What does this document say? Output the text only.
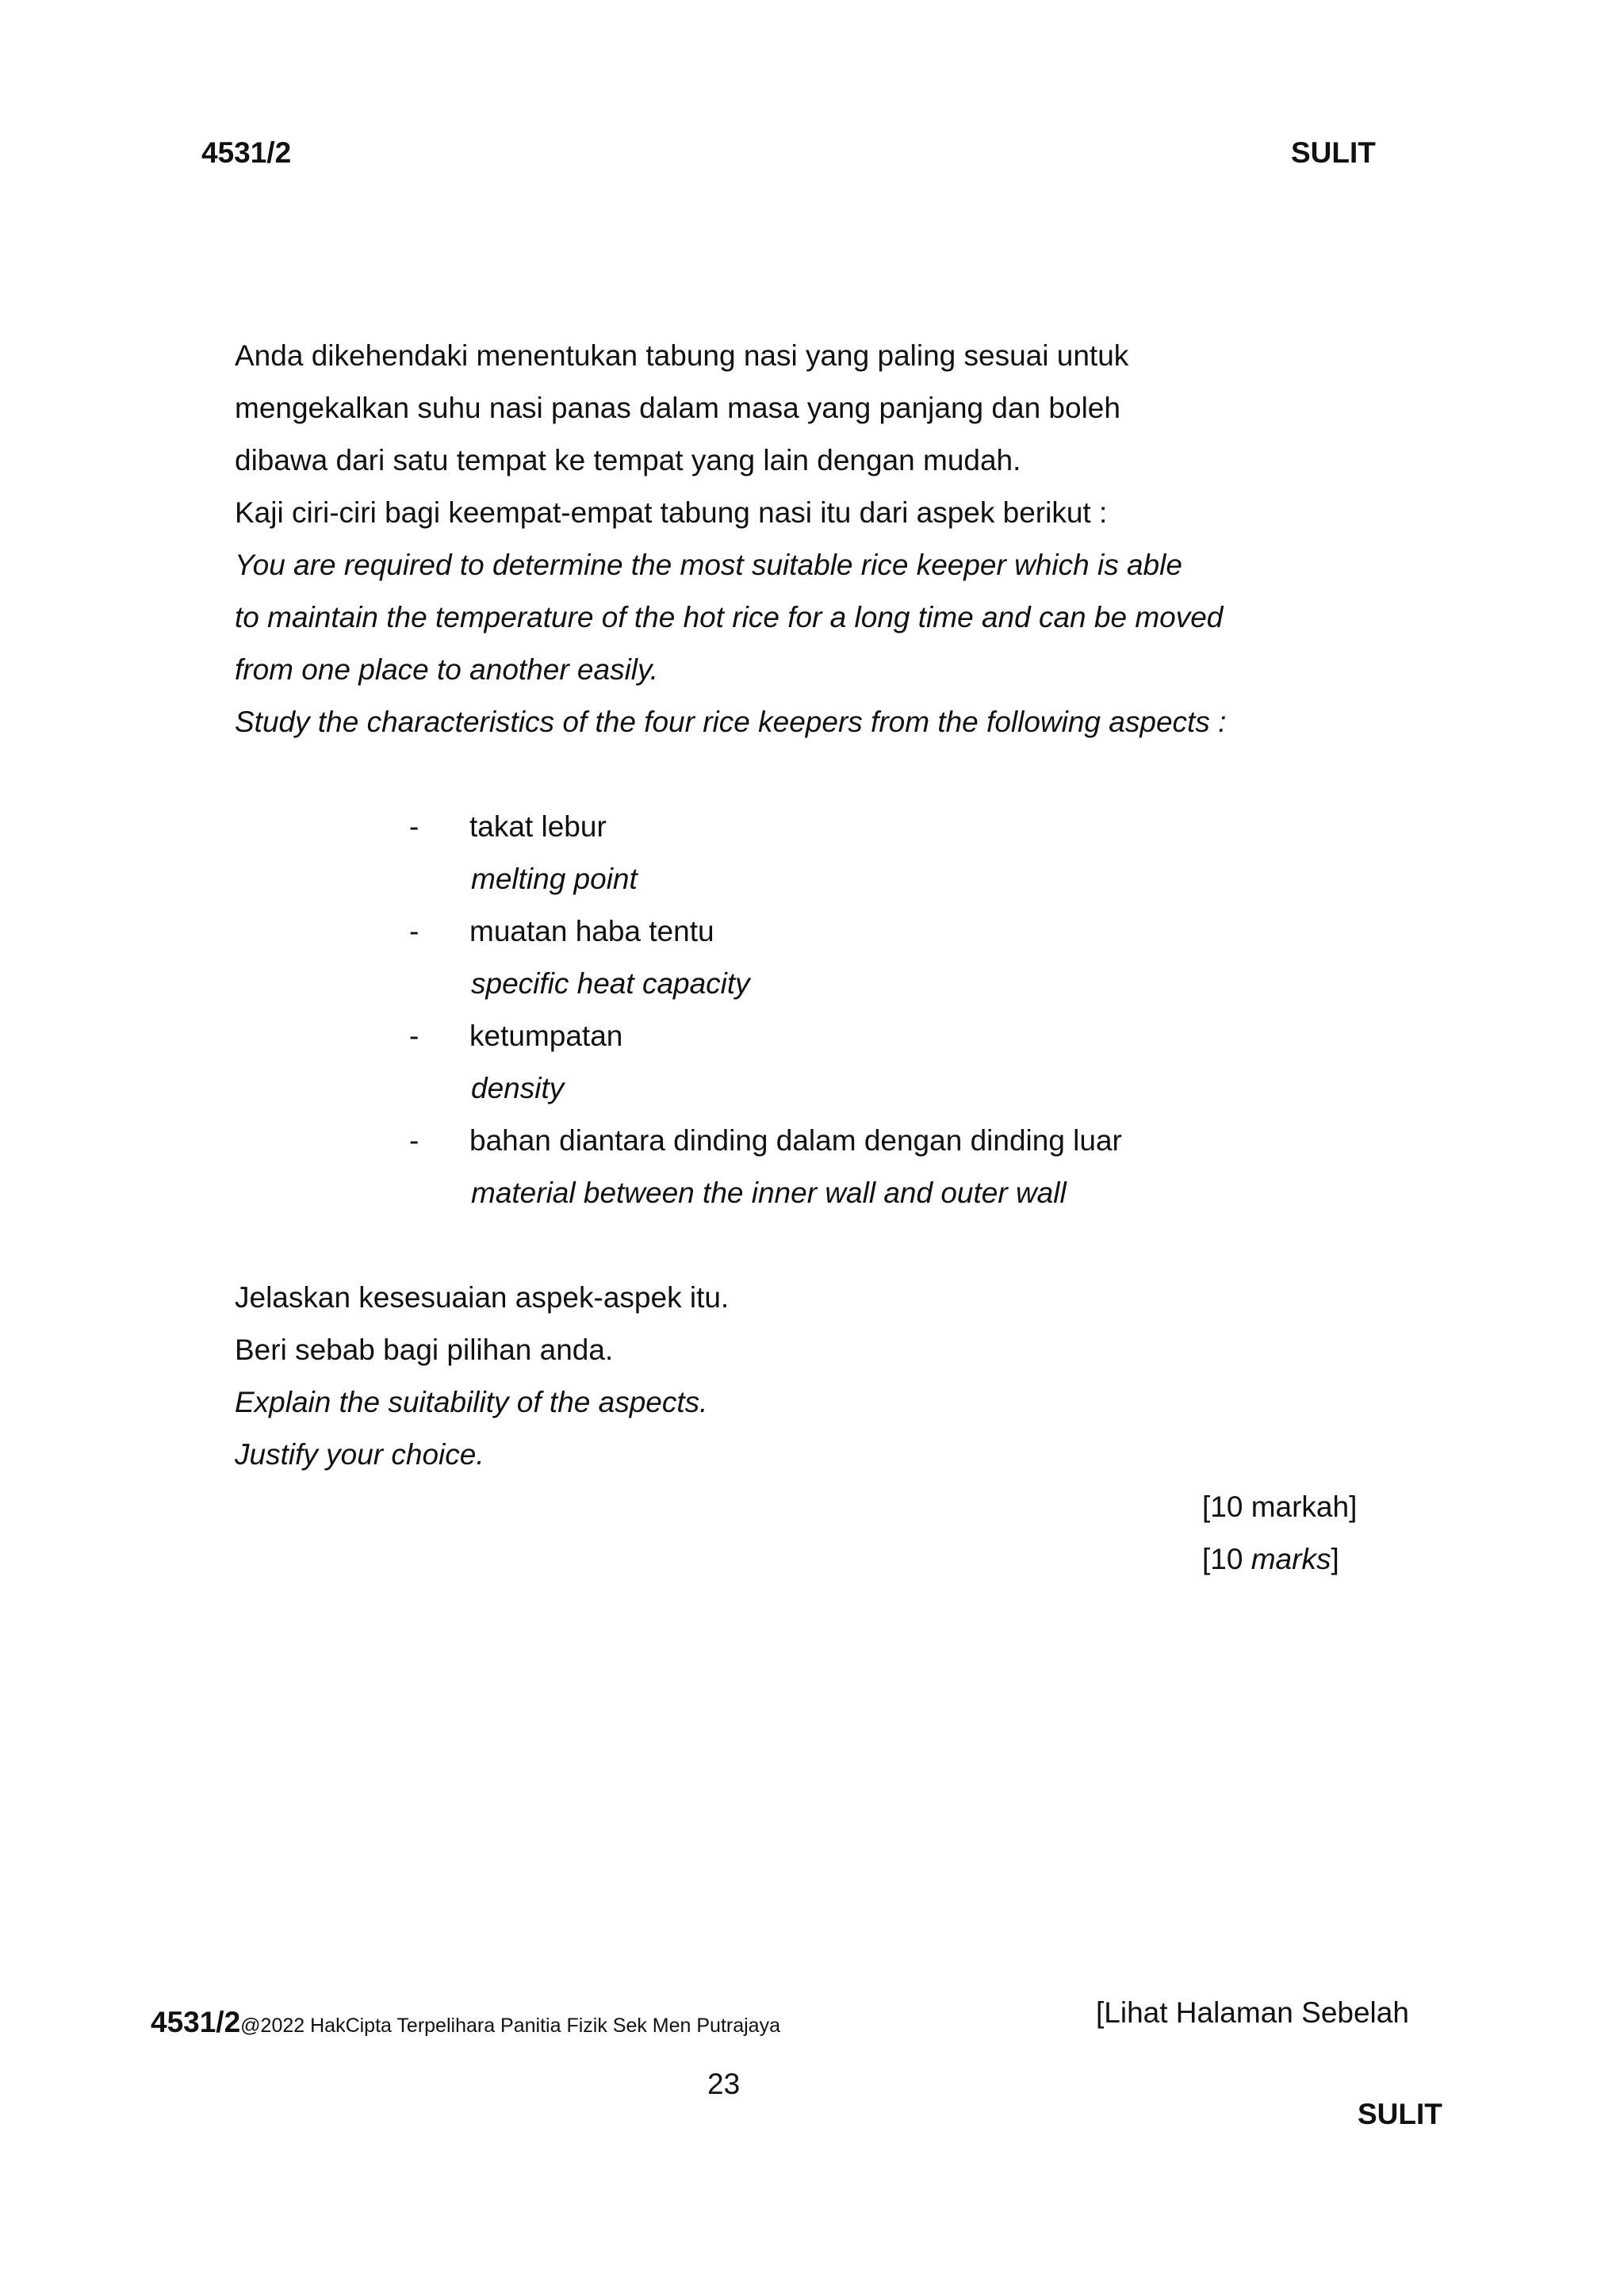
4531/2	SULIT
Anda dikehendaki menentukan tabung nasi yang paling sesuai untuk
mengekalkan suhu nasi panas dalam masa yang panjang dan boleh
dibawa dari satu tempat ke tempat yang lain dengan mudah.
Kaji ciri-ciri bagi keempat-empat tabung nasi itu dari aspek berikut :
You are required to determine the most suitable rice keeper which is able
to maintain the temperature of the hot rice for a long time and can be moved
from one place to another easily.
Study the characteristics of the four rice keepers from the following aspects :
- takat lebur
melting point
- muatan haba tentu
specific heat capacity
- ketumpatan
density
- bahan diantara dinding dalam dengan dinding luar
material between the inner wall and outer wall
Jelaskan kesesuaian aspek-aspek itu.
Beri sebab bagi pilihan anda.
Explain the suitability of the aspects.
Justify your choice.
[10 markah]
[10 marks]
4531/2@2022 HakCipta Terpelihara Panitia Fizik Sek Men Putrajaya	[Lihat Halaman Sebelah
23
SULIT
